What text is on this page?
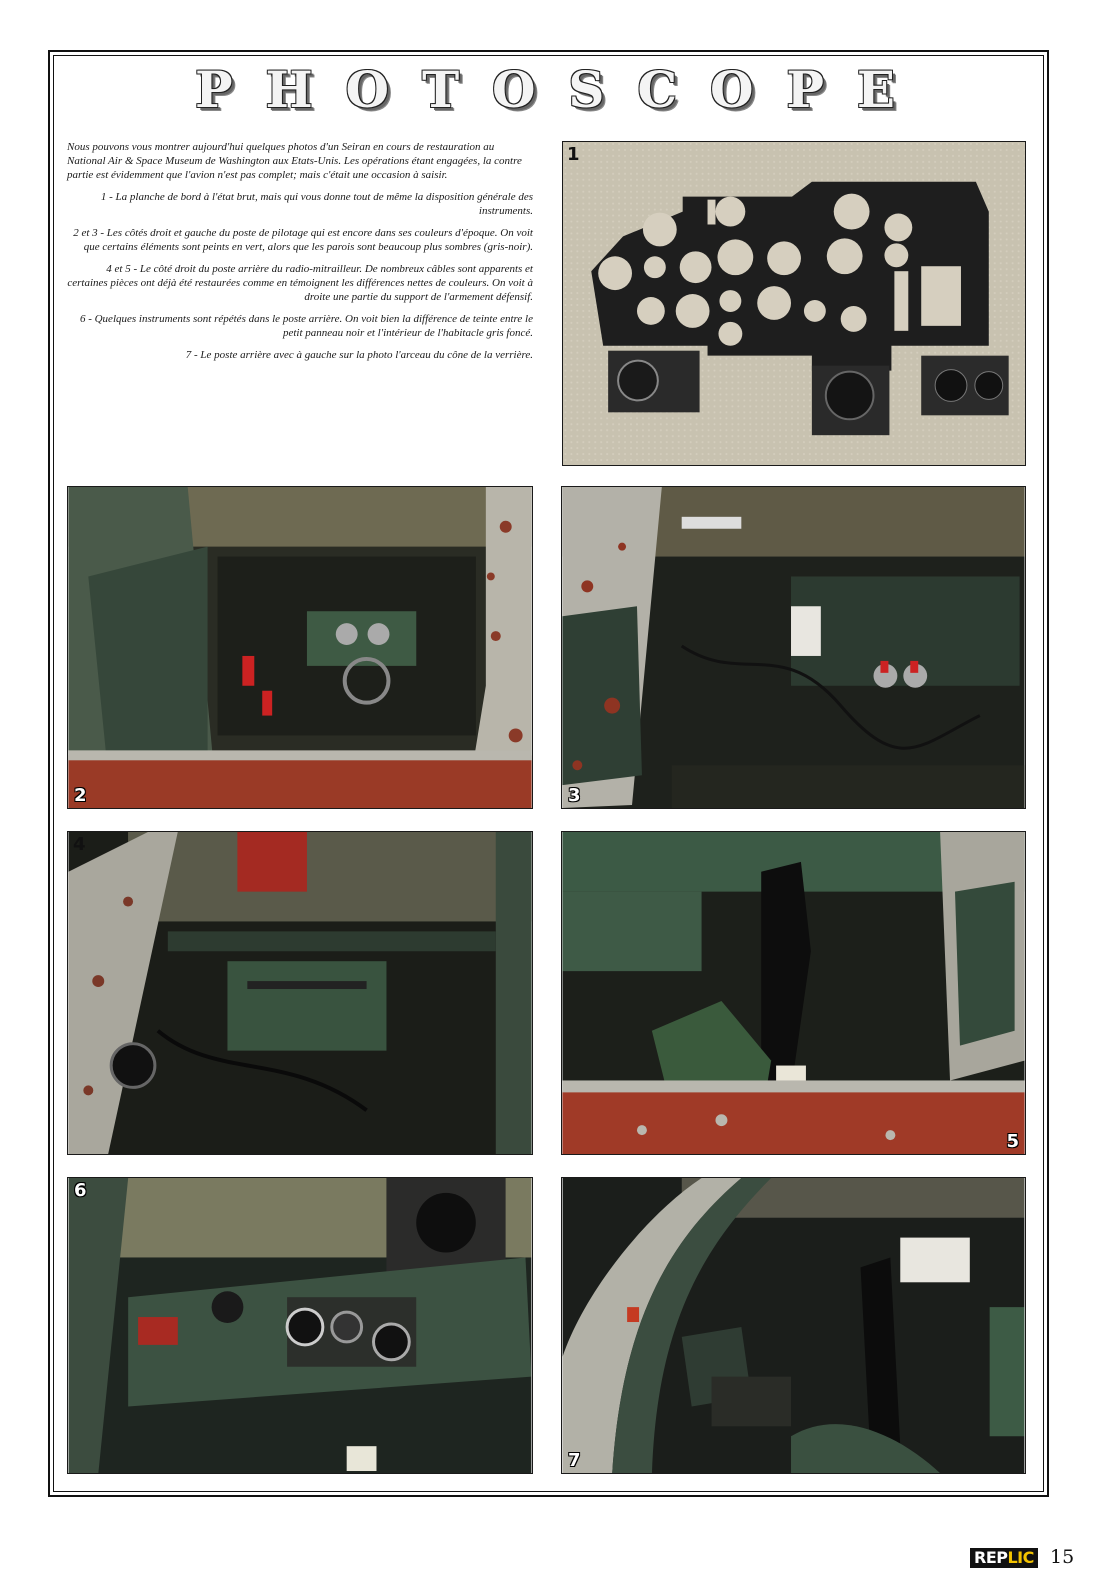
P H O T O S C O P E

Nous pouvons vous montrer aujourd'hui quelques photos d'un Seiran en cours de restauration au National Air & Space Museum de Washington aux Etats-Unis. Les opérations étant engagées, la contre partie est évidemment que l'avion n'est pas complet; mais c'était une occasion à saisir.

1 - La planche de bord à l'état brut, mais qui vous donne tout de même la disposition générale des instruments.

2 et 3 - Les côtés droit et gauche du poste de pilotage qui est encore dans ses couleurs d'époque. On voit que certains éléments sont peints en vert, alors que les parois sont beaucoup plus sombres (gris-noir).

4 et 5 - Le côté droit du poste arrière du radio-mitrailleur. De nombreux câbles sont apparents et certaines pièces ont déjà été restaurées comme en témoignent les différences nettes de couleurs. On voit à droite une partie du support de l'armement défensif.

6 - Quelques instruments sont répétés dans le poste arrière. On voit bien la différence de teinte entre le petit panneau noir et l'intérieur de l'habitacle gris foncé.

7 - Le poste arrière avec à gauche sur la photo l'arceau du cône de la verrière.

1
2	3
4
5
6
7
REPLIC 15
